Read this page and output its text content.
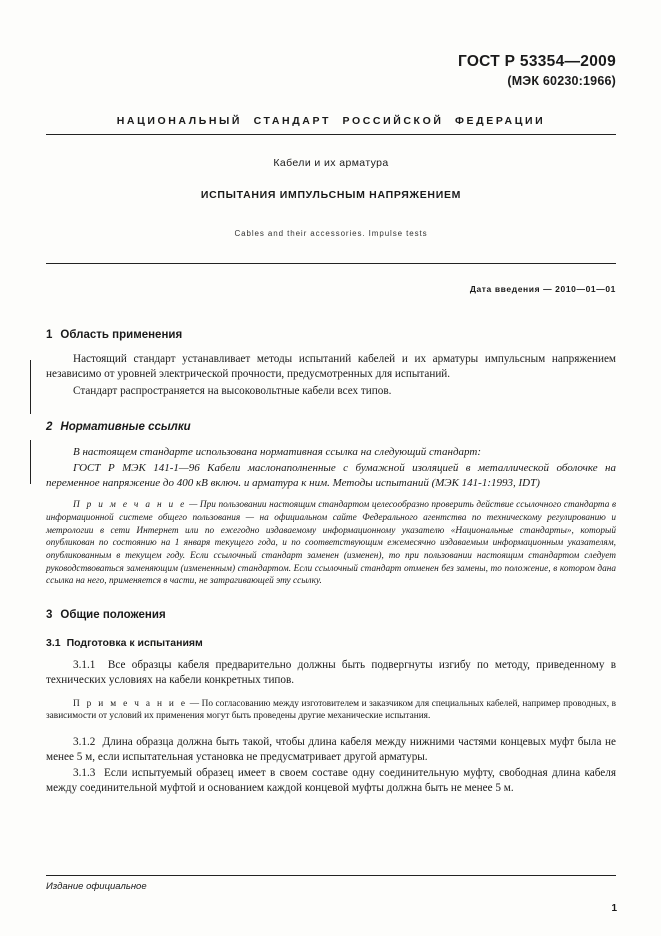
ГОСТ Р 53354—2009
(МЭК 60230:1966)
НАЦИОНАЛЬНЫЙ СТАНДАРТ РОССИЙСКОЙ ФЕДЕРАЦИИ
Кабели и их арматура
ИСПЫТАНИЯ ИМПУЛЬСНЫМ НАПРЯЖЕНИЕМ
Cables and their accessories. Impulse tests
Дата введения — 2010—01—01
1 Область применения

Настоящий стандарт устанавливает методы испытаний кабелей и их арматуры импульсным напряжением независимо от уровней электрической прочности, предусмотренных для испытаний.

Стандарт распространяется на высоковольтные кабели всех типов.

2 Нормативные ссылки

В настоящем стандарте использована нормативная ссылка на следующий стандарт:

ГОСТ Р МЭК 141-1—96 Кабели маслонаполненные с бумажной изоляцией в металлической оболочке на переменное напряжение до 400 кВ включ. и арматура к ним. Методы испытаний (МЭК 141-1:1993, IDT)

П р и м е ч а н и е — При пользовании настоящим стандартом целесообразно проверить действие ссылочного стандарта в информационной системе общего пользования — на официальном сайте Федерального агентства по техническому регулированию и метрологии в сети Интернет или по ежегодно издаваемому информационному указателю «Национальные стандарты», который опубликован по состоянию на 1 января текущего года, и по соответствующим ежемесячно издаваемым информационным указателям, опубликованным в текущем году. Если ссылочный стандарт заменен (изменен), то при пользовании настоящим стандартом следует руководствоваться заменяющим (измененным) стандартом. Если ссылочный стандарт отменен без замены, то положение, в котором дана ссылка на него, применяется в части, не затрагивающей эту ссылку.

3 Общие положения
3.1 Подготовка к испытаниям

3.1.1 Все образцы кабеля предварительно должны быть подвергнуты изгибу по методу, приведенному в технических условиях на кабели конкретных типов.

П р и м е ч а н и е — По согласованию между изготовителем и заказчиком для специальных кабелей, например проводных, в зависимости от условий их применения могут быть проведены другие механические испытания.

3.1.2 Длина образца должна быть такой, чтобы длина кабеля между нижними частями концевых муфт была не менее 5 м, если испытательная установка не предусматривает другой арматуры.

3.1.3 Если испытуемый образец имеет в своем составе одну соединительную муфту, свободная длина кабеля между соединительной муфтой и основанием каждой концевой муфты должна быть не менее 5 м.

Издание официальное
1
